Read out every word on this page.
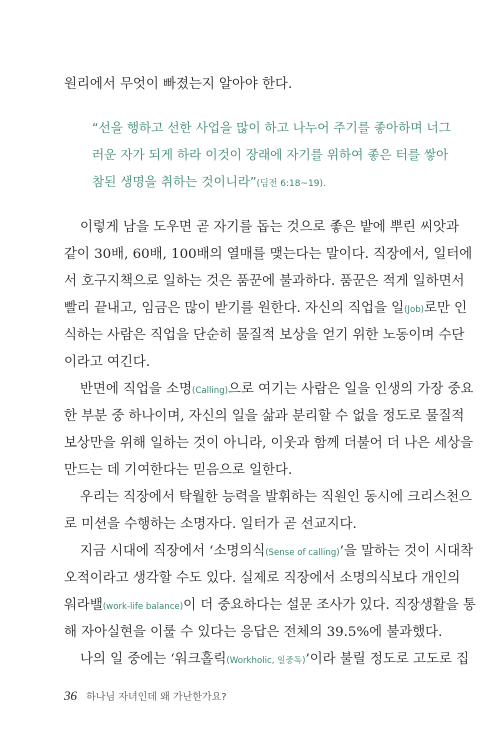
원리에서 무엇이 빠졌는지 알아야 한다.
“선을 행하고 선한 사업을 많이 하고 나누어 주기를 좋아하며 너그
러운 자가 되게 하라 이것이 장래에 자기를 위하여 좋은 터를 쌓아
참된 생명을 취하는 것이니라”(딤전 6:18~19).
이렇게 남을 도우면 곧 자기를 돕는 것으로 좋은 밭에 뿌린 씨앗과
같이 30배, 60배, 100배의 열매를 맺는다는 말이다. 직장에서, 일터에
서 호구지책으로 일하는 것은 품꾼에 불과하다. 품꾼은 적게 일하면서
빨리 끝내고, 임금은 많이 받기를 원한다. 자신의 직업을 일(Job)로만 인
식하는 사람은 직업을 단순히 물질적 보상을 얻기 위한 노동이며 수단
이라고 여긴다.
반면에 직업을 소명(Calling)으로 여기는 사람은 일을 인생의 가장 중요
한 부분 중 하나이며, 자신의 일을 삶과 분리할 수 없을 정도로 물질적
보상만을 위해 일하는 것이 아니라, 이웃과 함께 더불어 더 나은 세상을
만드는 데 기여한다는 믿음으로 일한다.
우리는 직장에서 탁월한 능력을 발휘하는 직원인 동시에 크리스천으
로 미션을 수행하는 소명자다. 일터가 곧 선교지다.
지금 시대에 직장에서 ‘소명의식(Sense of calling)’을 말하는 것이 시대착
오적이라고 생각할 수도 있다. 실제로 직장에서 소명의식보다 개인의
워라밸(work-life balance)이 더 중요하다는 설문 조사가 있다. 직장생활을 통
해 자아실현을 이룰 수 있다는 응답은 전체의 39.5%에 불과했다.
나의 일 중에는 ‘워크홀릭(Workholic, 일중독)’이라 불릴 정도로 고도로 집
36 하나님 자녀인데 왜 가난한가요?
